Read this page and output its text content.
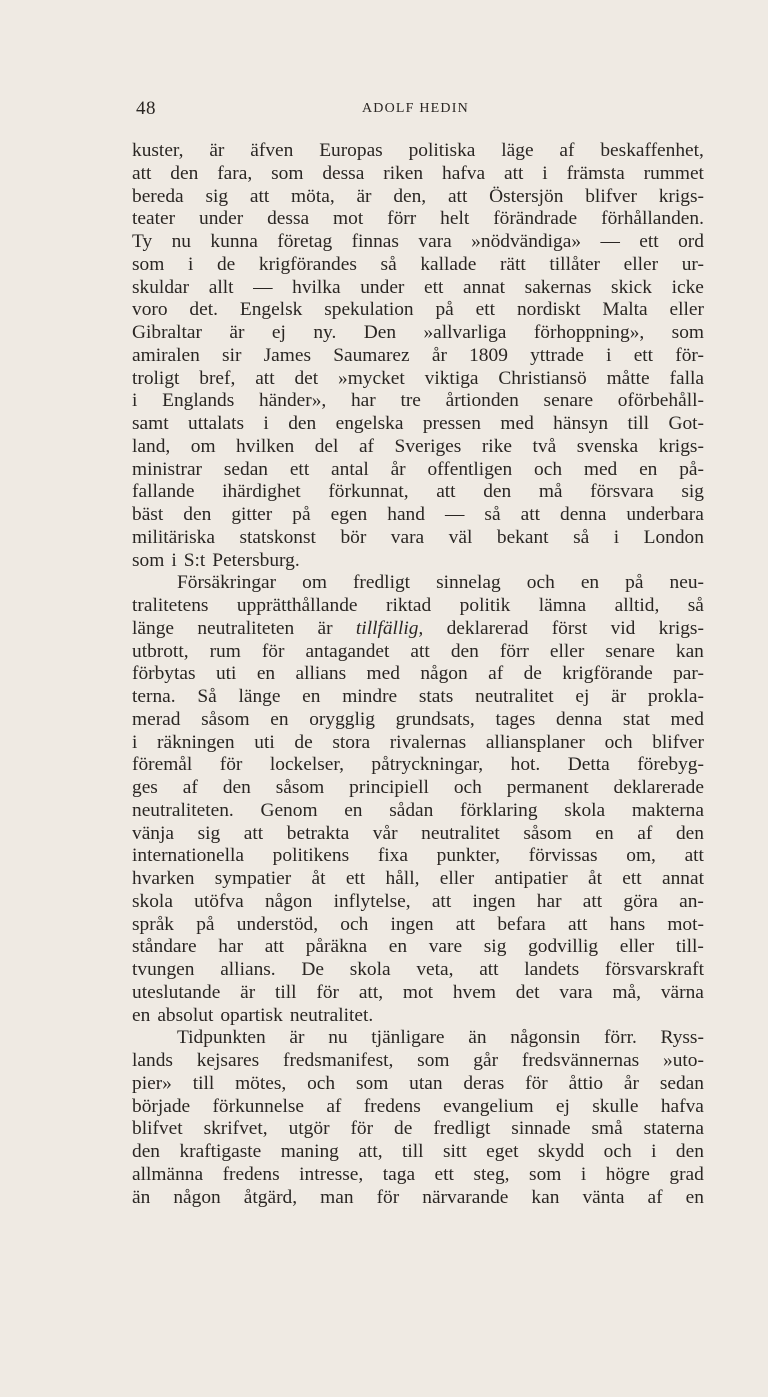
48	ADOLF HEDIN
kuster, är äfven Europas politiska läge af beskaffenhet,
att den fara, som dessa riken hafva att i främsta rummet
bereda sig att möta, är den, att Östersjön blifver krigs-
teater under dessa mot förr helt förändrade förhållanden.
Ty nu kunna företag finnas vara »nödvändiga» — ett ord
som i de krigförandes så kallade rätt tillåter eller ur-
skuldar allt — hvilka under ett annat sakernas skick icke
voro det. Engelsk spekulation på ett nordiskt Malta eller
Gibraltar är ej ny. Den »allvarliga förhoppning», som
amiralen sir James Saumarez år 1809 yttrade i ett för-
troligt bref, att det »mycket viktiga Christiansö måtte falla
i Englands händer», har tre årtionden senare oförbehåll-
samt uttalats i den engelska pressen med hänsyn till Got-
land, om hvilken del af Sveriges rike två svenska krigs-
ministrar sedan ett antal år offentligen och med en på-
fallande ihärdighet förkunnat, att den må försvara sig
bäst den gitter på egen hand — så att denna underbara
militäriska statskonst bör vara väl bekant så i London
som i S:t Petersburg.
Försäkringar om fredligt sinnelag och en på neu-
tralitetens upprätthållande riktad politik lämna alltid, så
länge neutraliteten är tillfällig, deklarerad först vid krigs-
utbrott, rum för antagandet att den förr eller senare kan
förbytas uti en allians med någon af de krigförande par-
terna. Så länge en mindre stats neutralitet ej är prokla-
merad såsom en orygglig grundsats, tages denna stat med
i räkningen uti de stora rivalernas alliansplaner och blifver
föremål för lockelser, påtryckningar, hot. Detta förebyg-
ges af den såsom principiell och permanent deklarerade
neutraliteten. Genom en sådan förklaring skola makterna
vänja sig att betrakta vår neutralitet såsom en af den
internationella politikens fixa punkter, förvissas om, att
hvarken sympatier åt ett håll, eller antipatier åt ett annat
skola utöfva någon inflytelse, att ingen har att göra an-
språk på understöd, och ingen att befara att hans mot-
ståndare har att påräkna en vare sig godvillig eller till-
tvungen allians. De skola veta, att landets försvarskraft
uteslutande är till för att, mot hvem det vara må, värna
en absolut opartisk neutralitet.
Tidpunkten är nu tjänligare än någonsin förr. Ryss-
lands kejsares fredsmanifest, som går fredsvännernas »uto-
pier» till mötes, och som utan deras för åttio år sedan
började förkunnelse af fredens evangelium ej skulle hafva
blifvet skrifvet, utgör för de fredligt sinnade små staterna
den kraftigaste maning att, till sitt eget skydd och i den
allmänna fredens intresse, taga ett steg, som i högre grad
än någon åtgärd, man för närvarande kan vänta af en
